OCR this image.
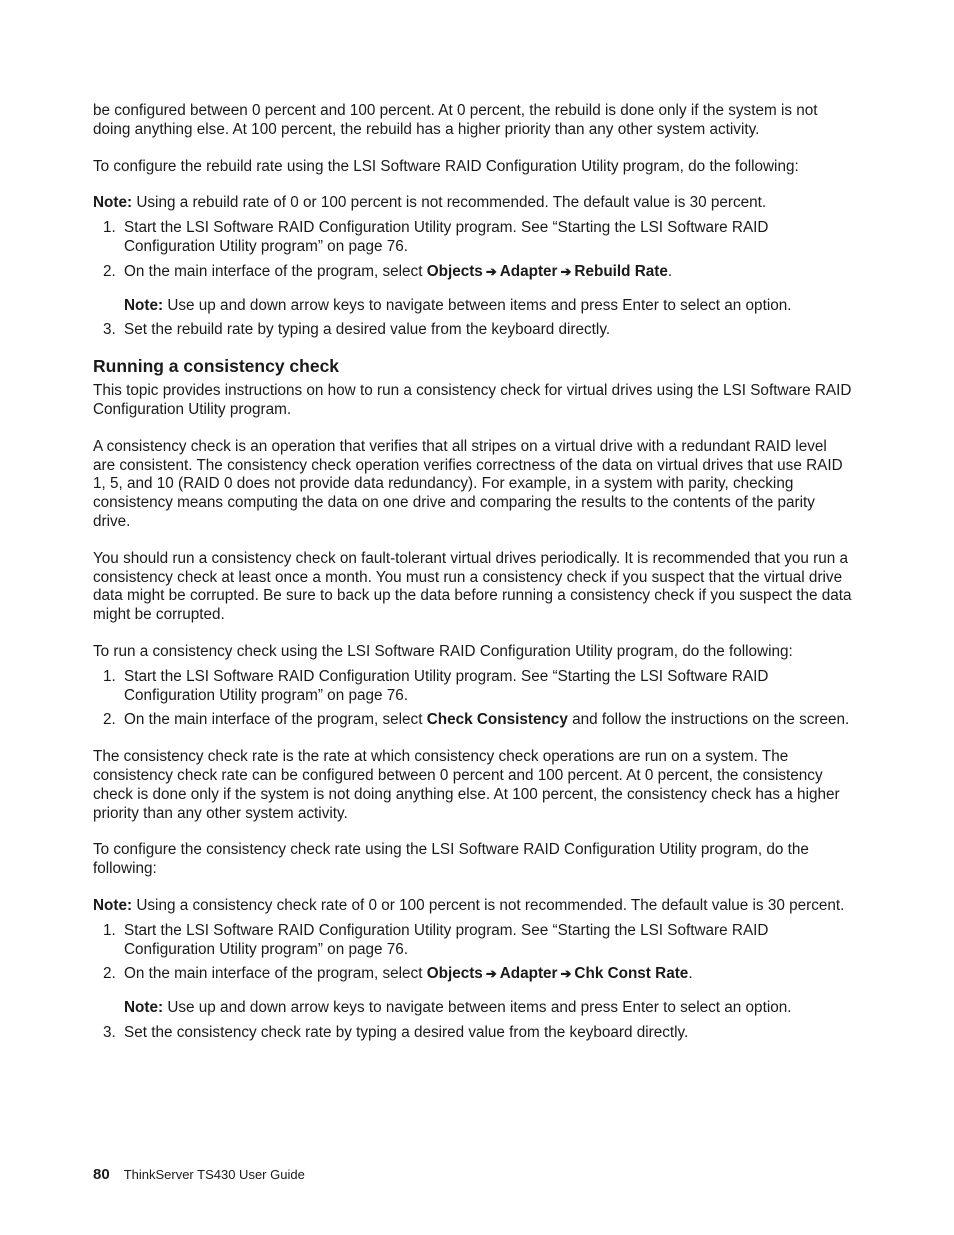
be configured between 0 percent and 100 percent. At 0 percent, the rebuild is done only if the system is not doing anything else. At 100 percent, the rebuild has a higher priority than any other system activity.

To configure the rebuild rate using the LSI Software RAID Configuration Utility program, do the following:

Note: Using a rebuild rate of 0 or 100 percent is not recommended. The default value is 30 percent.

1. Start the LSI Software RAID Configuration Utility program. See “Starting the LSI Software RAID Configuration Utility program” on page 76.
2. On the main interface of the program, select Objects ➔ Adapter ➔ Rebuild Rate.

Note: Use up and down arrow keys to navigate between items and press Enter to select an option.

3. Set the rebuild rate by typing a desired value from the keyboard directly.
Running a consistency check

This topic provides instructions on how to run a consistency check for virtual drives using the LSI Software RAID Configuration Utility program.

A consistency check is an operation that verifies that all stripes on a virtual drive with a redundant RAID level are consistent. The consistency check operation verifies correctness of the data on virtual drives that use RAID 1, 5, and 10 (RAID 0 does not provide data redundancy). For example, in a system with parity, checking consistency means computing the data on one drive and comparing the results to the contents of the parity drive.

You should run a consistency check on fault-tolerant virtual drives periodically. It is recommended that you run a consistency check at least once a month. You must run a consistency check if you suspect that the virtual drive data might be corrupted. Be sure to back up the data before running a consistency check if you suspect the data might be corrupted.

To run a consistency check using the LSI Software RAID Configuration Utility program, do the following:

1. Start the LSI Software RAID Configuration Utility program. See “Starting the LSI Software RAID Configuration Utility program” on page 76.
2. On the main interface of the program, select Check Consistency and follow the instructions on the screen.

The consistency check rate is the rate at which consistency check operations are run on a system. The consistency check rate can be configured between 0 percent and 100 percent. At 0 percent, the consistency check is done only if the system is not doing anything else. At 100 percent, the consistency check has a higher priority than any other system activity.

To configure the consistency check rate using the LSI Software RAID Configuration Utility program, do the following:

Note: Using a consistency check rate of 0 or 100 percent is not recommended. The default value is 30 percent.

1. Start the LSI Software RAID Configuration Utility program. See “Starting the LSI Software RAID Configuration Utility program” on page 76.
2. On the main interface of the program, select Objects ➔ Adapter ➔ Chk Const Rate.

Note: Use up and down arrow keys to navigate between items and press Enter to select an option.

3. Set the consistency check rate by typing a desired value from the keyboard directly.
80 ThinkServer TS430 User Guide
